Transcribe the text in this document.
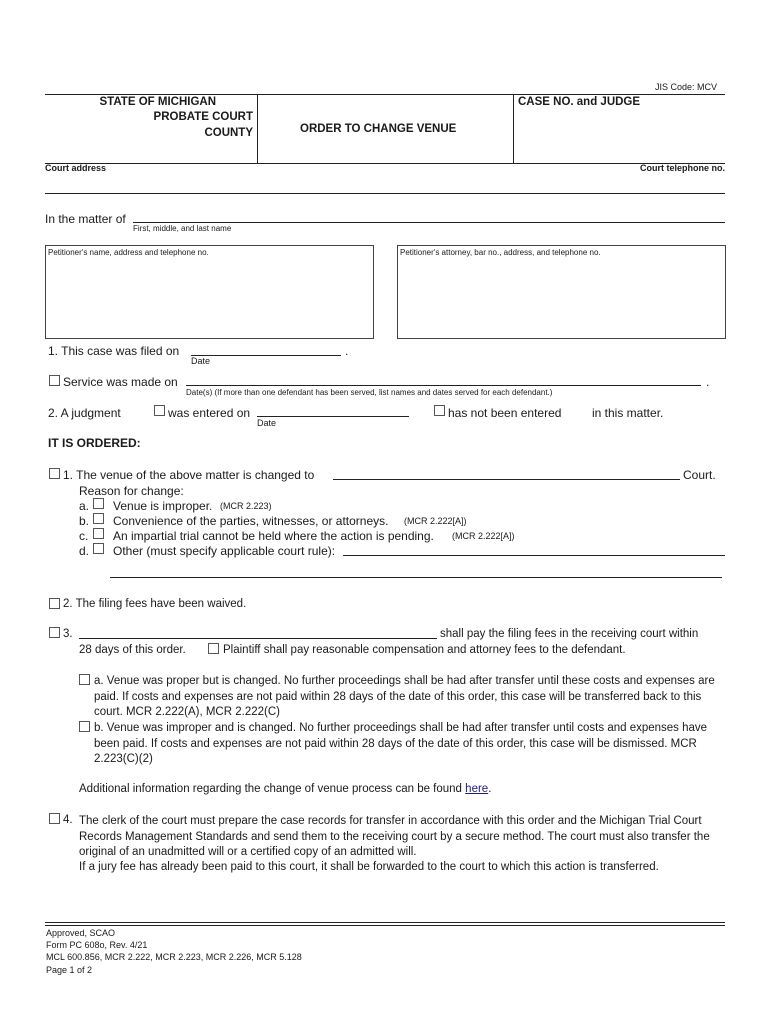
JIS Code: MCV
STATE OF MICHIGAN
PROBATE COURT
COUNTY	ORDER TO CHANGE VENUE
CASE NO. and JUDGE
Court address	Court telephone no.
In the matter of
First, middle, and last name
Petitioner's name, address and telephone no.	Petitioner's attorney, bar no., address, and telephone no.
1. This case was filed on	.
Date
Service was made on	.
Date(s) (If more than one defendant has been served, list names and dates served for each defendant.)
2. A judgment	was entered on
Date
has not been entered	in this matter.
IT IS ORDERED:
1. The venue of the above matter is changed to	Court.
Reason for change:
a. Venue is improper. (MCR 2.223)
b. Convenience of the parties, witnesses, or attorneys. (MCR 2.222[A])
c. An impartial trial cannot be held where the action is pending. (MCR 2.222[A])
d. Other (must specify applicable court rule):
2. The filing fees have been waived.
3.	shall pay the filing fees in the receiving court within
28 days of this order.	Plaintiff shall pay reasonable compensation and attorney fees to the defendant.
a. Venue was proper but is changed. No further proceedings shall be had after transfer until these costs and expenses are paid. If costs and expenses are not paid within 28 days of the date of this order, this case will be transferred back to this court. MCR 2.222(A), MCR 2.222(C)
b. Venue was improper and is changed. No further proceedings shall be had after transfer until costs and expenses have been paid. If costs and expenses are not paid within 28 days of the date of this order, this case will be dismissed. MCR 2.223(C)(2)
Additional information regarding the change of venue process can be found here.
4. The clerk of the court must prepare the case records for transfer in accordance with this order and the Michigan Trial Court Records Management Standards and send them to the receiving court by a secure method. The court must also transfer the original of an unadmitted will or a certified copy of an admitted will.
If a jury fee has already been paid to this court, it shall be forwarded to the court to which this action is transferred.
Approved, SCAO
Form PC 608o, Rev. 4/21
MCL 600.856, MCR 2.222, MCR 2.223, MCR 2.226, MCR 5.128
Page 1 of 2
